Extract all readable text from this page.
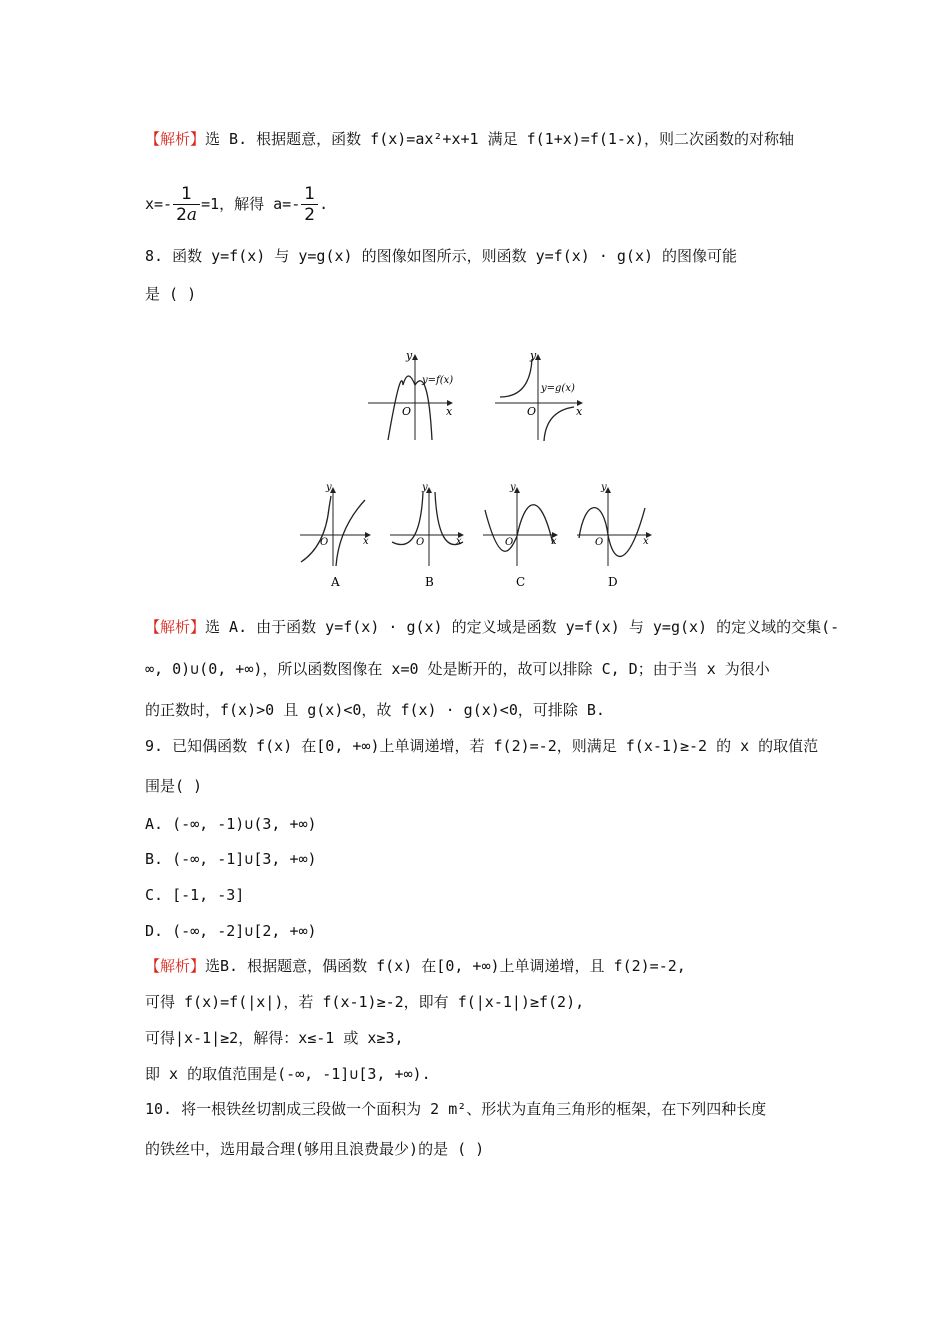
【解析】选 B. 根据题意，函数 f(x)=ax²+x+1 满足 f(1+x)=f(1-x)，则二次函数的对称轴
$x=- \frac{1}{2a} =1$，解得 $a=- \frac{1}{2}$ .
8. 函数 y=f(x) 与 y=g(x) 的图像如图所示，则函数 y=f(x) · g(x) 的图像可能
是 ( )
y
x
O
y=f(x)
y
x
O
y=g(x)
y
x
O
A
y
x
O
B
y
x
O
C
y
x
O
D
【解析】选 A. 由于函数 y=f(x) · g(x) 的定义域是函数 y=f(x) 与 y=g(x) 的定义域的交集(-
∞, 0)∪(0, +∞)，所以函数图像在 x=0 处是断开的，故可以排除 C, D；由于当 x 为很小
的正数时，f(x)>0 且 g(x)<0，故 f(x) · g(x)<0，可排除 B.
9. 已知偶函数 f(x) 在[0, +∞)上单调递增，若 f(2)=-2，则满足 f(x-1)≥-2 的 x 的取值范
围是( )
A. (-∞, -1)∪(3, +∞)
B. (-∞, -1]∪[3, +∞)
C. [-1, -3]
D. (-∞, -2]∪[2, +∞)
【解析】选B. 根据题意，偶函数 f(x) 在[0, +∞)上单调递增，且 f(2)=-2,
可得 f(x)=f(|x|)，若 f(x-1)≥-2，即有 f(|x-1|)≥f(2),
可得|x-1|≥2，解得：x≤-1 或 x≥3,
即 x 的取值范围是(-∞, -1]∪[3, +∞).
10. 将一根铁丝切割成三段做一个面积为 2 m²、形状为直角三角形的框架，在下列四种长度
的铁丝中，选用最合理(够用且浪费最少)的是 ( )
